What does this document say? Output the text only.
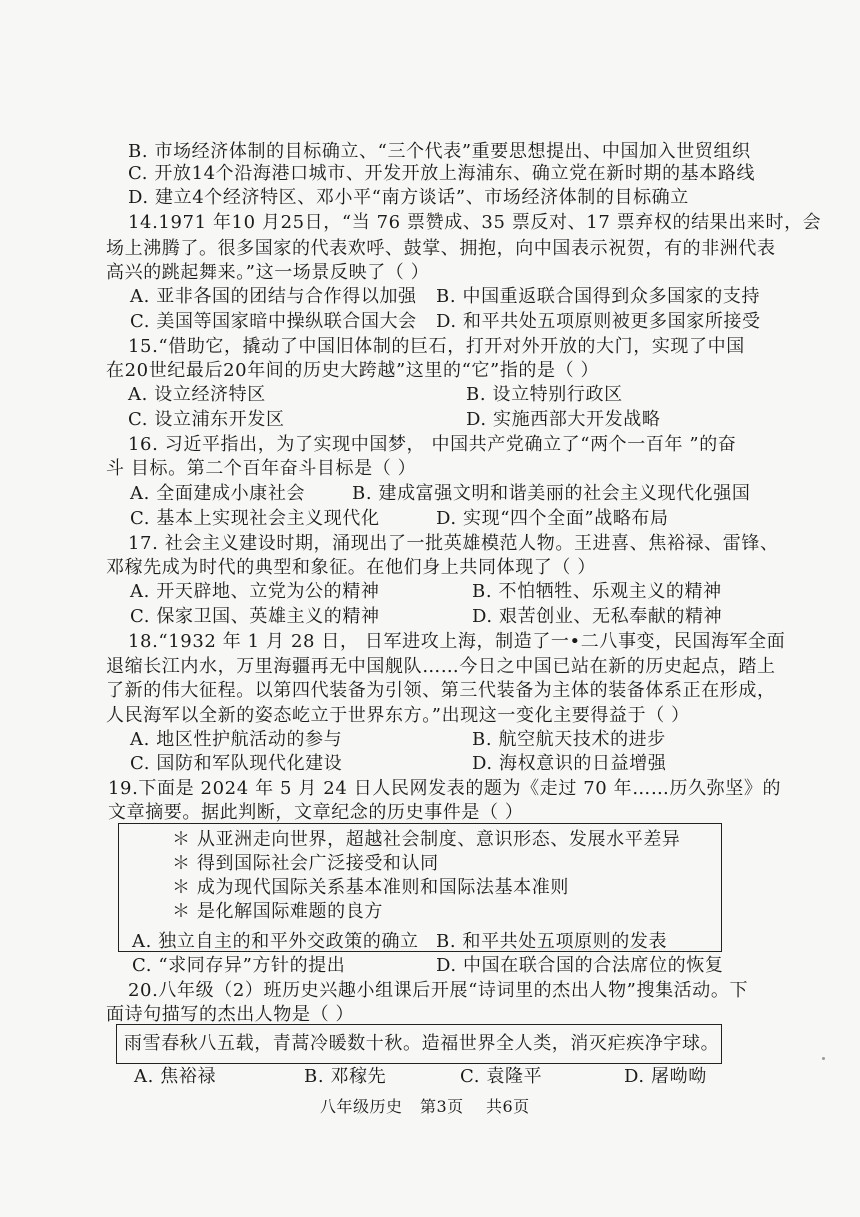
B. 市场经济体制的目标确立、“三个代表”重要思想提出、中国加入世贸组织
C. 开放14个沿海港口城市、开发开放上海浦东、确立党在新时期的基本路线
D. 建立4个经济特区、邓小平“南方谈话”、市场经济体制的目标确立
14.1971 年10 月25日，“当 76 票赞成、35 票反对、17 票弃权的结果出来时，会
场上沸腾了。很多国家的代表欢呼、鼓掌、拥抱，向中国表示祝贺，有的非洲代表
高兴的跳起舞来。”这一场景反映了（ ）
A. 亚非各国的团结与合作得以加强 B. 中国重返联合国得到众多国家的支持
C. 美国等国家暗中操纵联合国大会 D. 和平共处五项原则被更多国家所接受
15.“借助它，撬动了中国旧体制的巨石，打开对外开放的大门，实现了中国
在20世纪最后20年间的历史大跨越”这里的“它”指的是（ ）
A. 设立经济特区	B. 设立特别行政区
C. 设立浦东开发区	D. 实施西部大开发战略
16. 习近平指出，为了实现中国梦， 中国共产党确立了“两个一百年 ”的奋
斗 目标。第二个百年奋斗目标是（ ）
A. 全面建成小康社会	B. 建成富强文明和谐美丽的社会主义现代化强国
C. 基本上实现社会主义现代化	D. 实现“四个全面”战略布局
17. 社会主义建设时期，涌现出了一批英雄模范人物。王进喜、焦裕禄、雷锋、
邓稼先成为时代的典型和象征。在他们身上共同体现了（ ）
A. 开天辟地、立党为公的精神	B. 不怕牺牲、乐观主义的精神
C. 保家卫国、英雄主义的精神	D. 艰苦创业、无私奉献的精神
18.“1932 年 1 月 28 日， 日军进攻上海，制造了一•二八事变，民国海军全面
退缩长江内水，万里海疆再无中国舰队……今日之中国已站在新的历史起点，踏上
了新的伟大征程。以第四代装备为引领、第三代装备为主体的装备体系正在形成，
人民海军以全新的姿态屹立于世界东方。”出现这一变化主要得益于（ ）
A. 地区性护航活动的参与	B. 航空航天技术的进步
C. 国防和军队现代化建设	D. 海权意识的日益增强
19.下面是 2024 年 5 月 24 日人民网发表的题为《走过 70 年……历久弥坚》的
文章摘要。据此判断，文章纪念的历史事件是（ ）
＊ 从亚洲走向世界，超越社会制度、意识形态、发展水平差异
＊ 得到国际社会广泛接受和认同
＊ 成为现代国际关系基本准则和国际法基本准则
＊ 是化解国际难题的良方
A. 独立自主的和平外交政策的确立 B. 和平共处五项原则的发表
C. “求同存异”方针的提出	D. 中国在联合国的合法席位的恢复
20.八年级（2）班历史兴趣小组课后开展“诗词里的杰出人物”搜集活动。下
面诗句描写的杰出人物是（ ）
雨雪春秋八五载，青蒿冷暖数十秋。造福世界全人类，消灭疟疾净宇球。
A. 焦裕禄	B. 邓稼先	C. 袁隆平	D. 屠呦呦
八年级历史 第3页 共6页
